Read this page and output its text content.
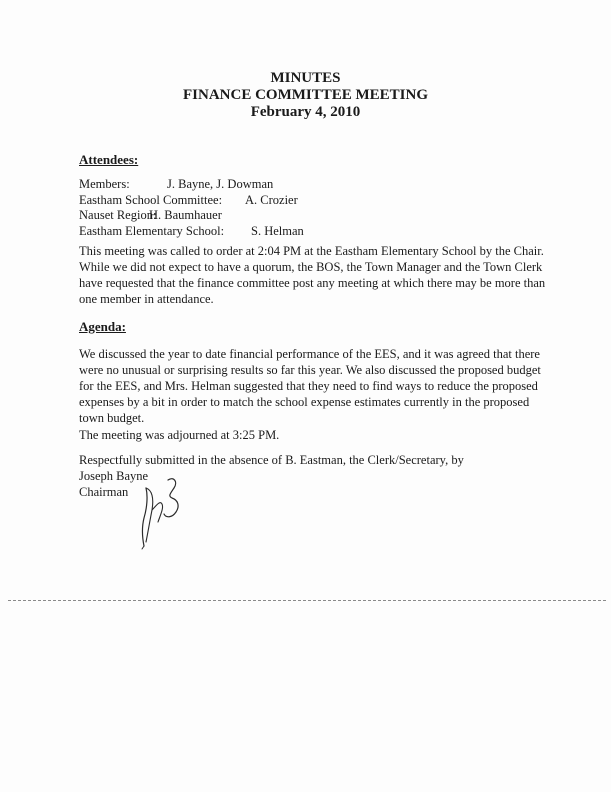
MINUTES
FINANCE COMMITTEE MEETING
February 4, 2010
Attendees:
Members:	J. Bayne, J. Dowman
Eastham School Committee: A. Crozier
Nauset Region:H. Baumhauer
Eastham Elementary School: S. Helman

This meeting was called to order at 2:04 PM at the Eastham Elementary School by the Chair. While we did not expect to have a quorum, the BOS, the Town Manager and the Town Clerk have requested that the finance committee post any meeting at which there may be more than one member in attendance.

Agenda:

We discussed the year to date financial performance of the EES, and it was agreed that there were no unusual or surprising results so far this year. We also discussed the proposed budget for the EES, and Mrs. Helman suggested that they need to find ways to reduce the proposed expenses by a bit in order to match the school expense estimates currently in the proposed town budget.

The meeting was adjourned at 3:25 PM.

Respectfully submitted in the absence of B. Eastman, the Clerk/Secretary, by

Joseph Bayne
Chairman
